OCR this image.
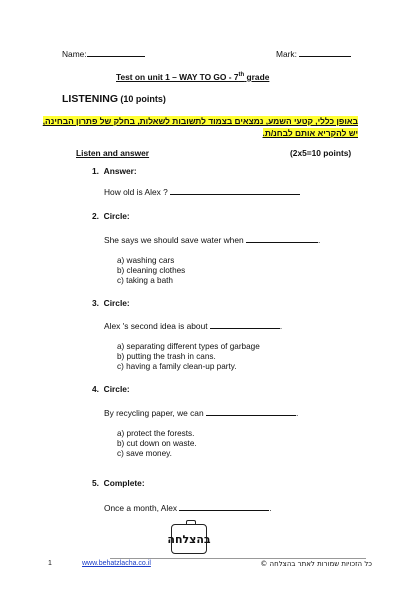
Name:	Mark:
Test on unit 1 – WAY TO GO - 7th grade
LISTENING (10 points)
באופן כללי, קטעי השמע, נמצאים בצמוד לתשובות לשאלות, בחלק של פתרון הבחינה,
יש להקריא אותם לבחנ/ת.
Listen and answer	(2x5=10 points)
1. Answer:
How old is Alex ?
2. Circle:
She says we should save water when	.
a) washing cars
b) cleaning clothes
c) taking a bath
3. Circle:
Alex 's second idea is about	.
a) separating different types of garbage
b) putting the trash in cans.
c) having a family clean-up party.
4. Circle:
By recycling paper, we can	.
a) protect the forests.
b) cut down on waste.
c) save money.
5. Complete:
Once a month, Alex	.
בהצלחה
1	www.behatzlacha.co.il	כל הזכויות שמורות לאתר בהצלחה ©
